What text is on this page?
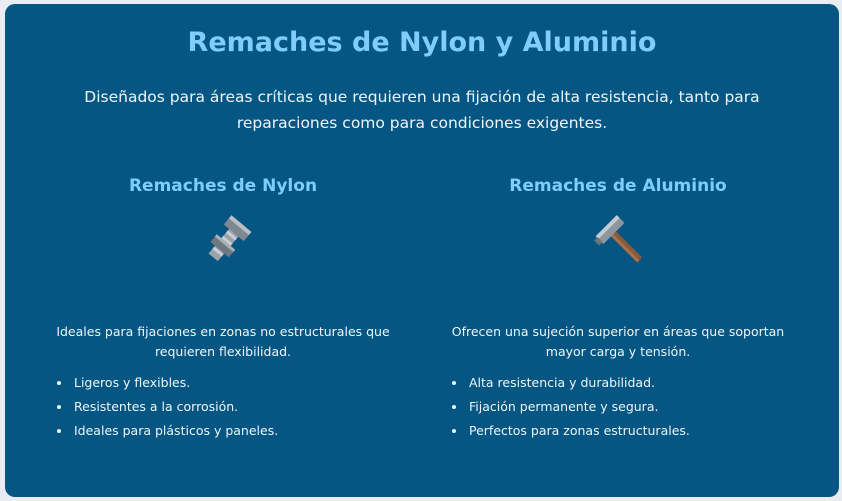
Remaches de Nylon y Aluminio

Diseñados para áreas críticas que requieren una fijación de alta resistencia, tanto para reparaciones como para condiciones exigentes.

Remaches de Nylon

Ideales para fijaciones en zonas no estructurales que requieren flexibilidad.

• Ligeros y flexibles.
• Resistentes a la corrosión.
• Ideales para plásticos y paneles.
Remaches de Aluminio

Ofrecen una sujeción superior en áreas que soportan mayor carga y tensión.

• Alta resistencia y durabilidad.
• Fijación permanente y segura.
• Perfectos para zonas estructurales.
